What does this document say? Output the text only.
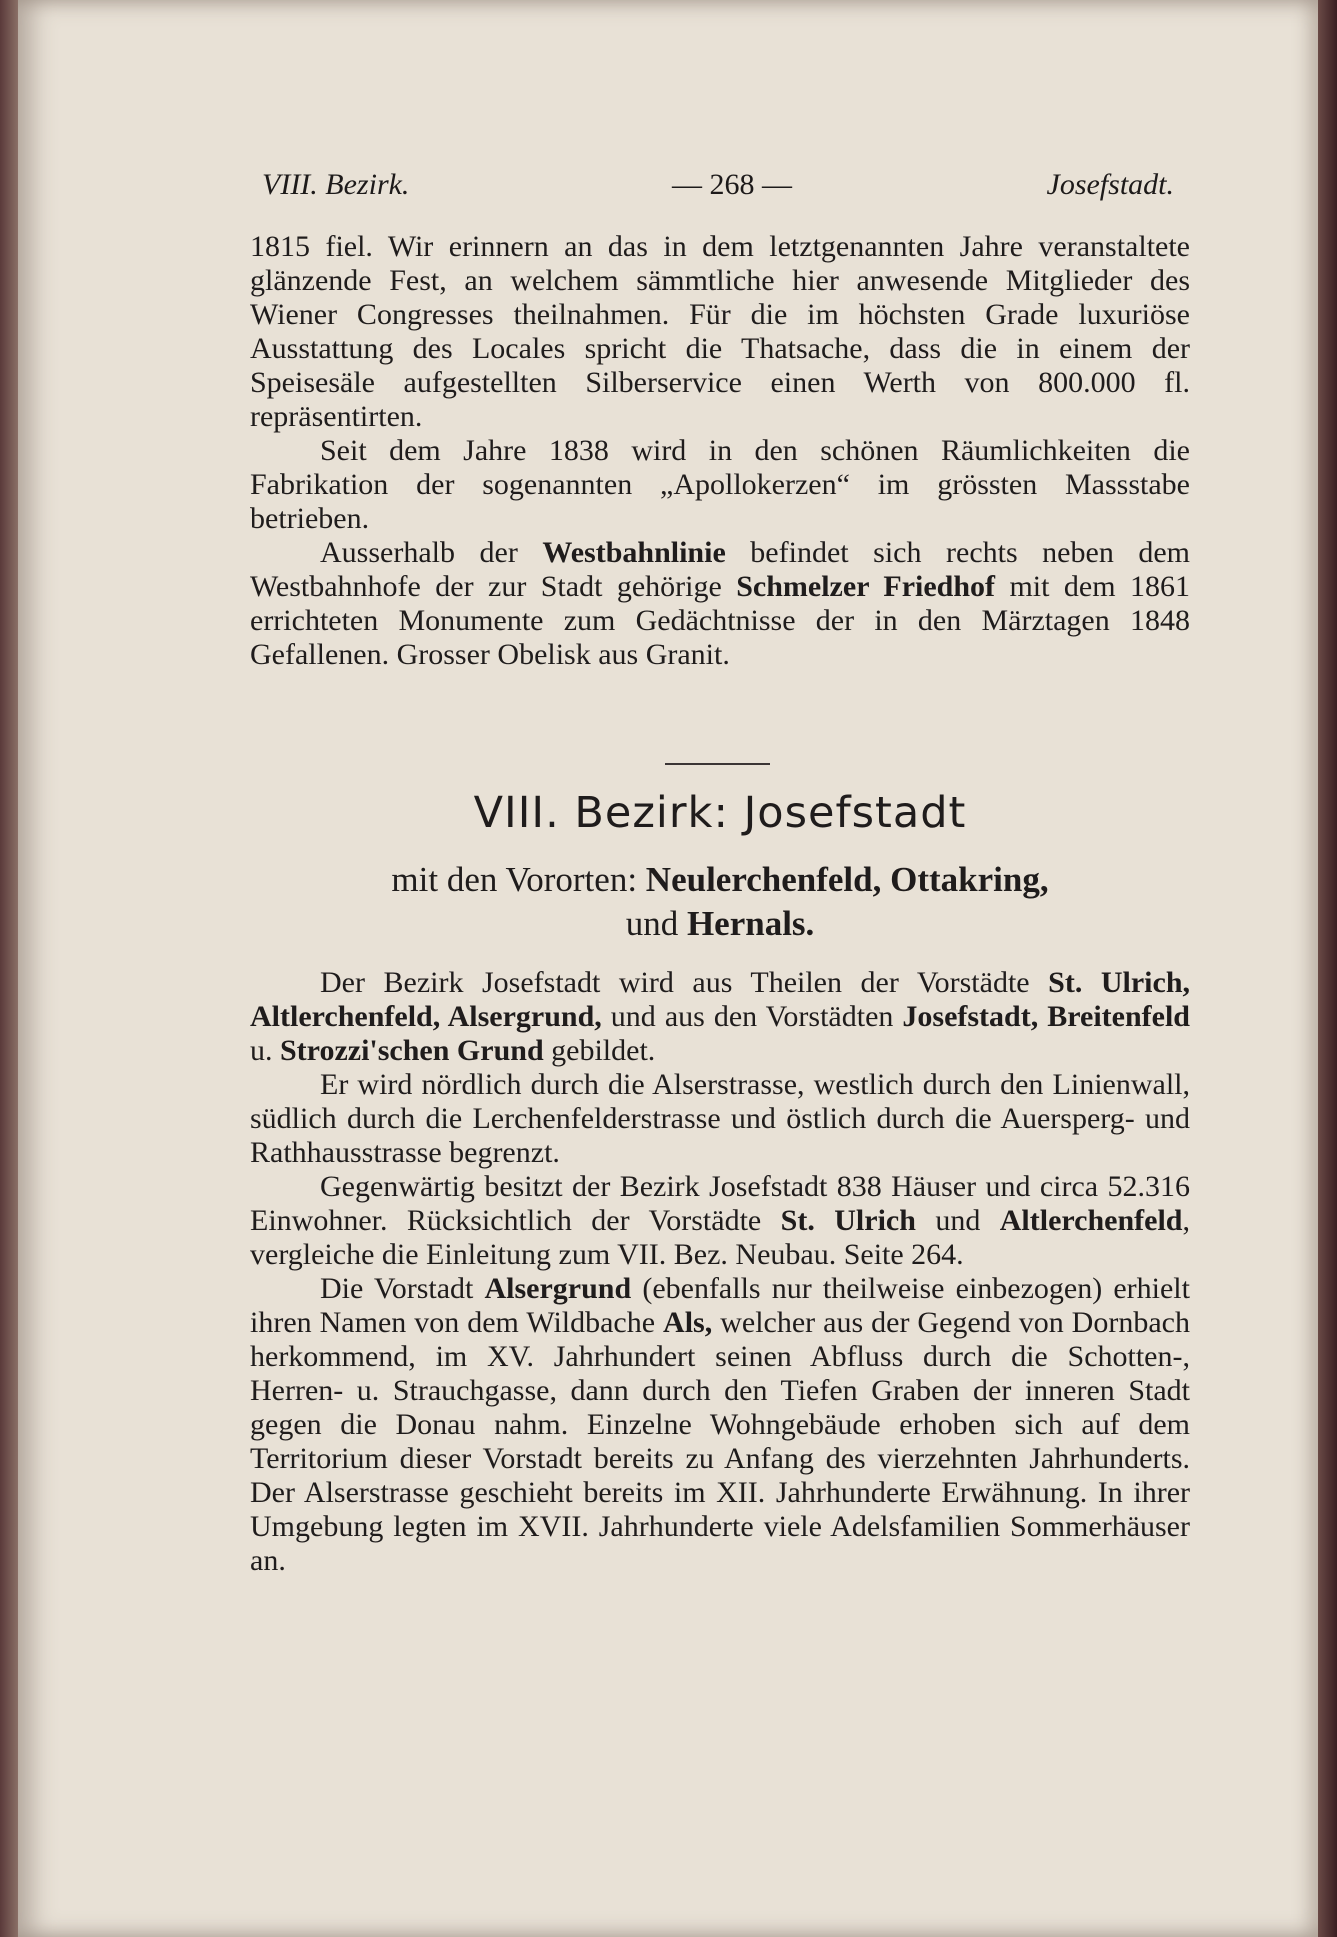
VIII. Bezirk.	— 268 —	Josefstadt.

1815 fiel. Wir erinnern an das in dem letztgenannten Jahre veranstaltete glänzende Fest, an welchem sämmtliche hier anwesende Mitglieder des Wiener Congresses theilnahmen. Für die im höchsten Grade luxuriöse Ausstattung des Locales spricht die Thatsache, dass die in einem der Speisesäle aufgestellten Silberservice einen Werth von 800.000 fl. repräsentirten.

Seit dem Jahre 1838 wird in den schönen Räumlichkeiten die Fabrikation der sogenannten „Apollokerzen“ im grössten Massstabe betrieben.

Ausserhalb der Westbahnlinie befindet sich rechts neben dem Westbahnhofe der zur Stadt gehörige Schmelzer Friedhof mit dem 1861 errichteten Monumente zum Gedächtnisse der in den Märztagen 1848 Gefallenen. Grosser Obelisk aus Granit.

VIII. Bezirk: Josefstadt
mit den Vororten: Neulerchenfeld, Ottakring,
und Hernals.

Der Bezirk Josefstadt wird aus Theilen der Vorstädte St. Ulrich, Altlerchenfeld, Alsergrund, und aus den Vorstädten Josefstadt, Breitenfeld u. Strozzi'schen Grund gebildet.

Er wird nördlich durch die Alserstrasse, westlich durch den Linienwall, südlich durch die Lerchenfelderstrasse und östlich durch die Auersperg- und Rathhausstrasse begrenzt.

Gegenwärtig besitzt der Bezirk Josefstadt 838 Häuser und circa 52.316 Einwohner. Rücksichtlich der Vorstädte St. Ulrich und Altlerchenfeld, vergleiche die Einleitung zum VII. Bez. Neubau. Seite 264.

Die Vorstadt Alsergrund (ebenfalls nur theilweise einbezogen) erhielt ihren Namen von dem Wildbache Als, welcher aus der Gegend von Dornbach herkommend, im XV. Jahrhundert seinen Abfluss durch die Schotten-, Herren- u. Strauchgasse, dann durch den Tiefen Graben der inneren Stadt gegen die Donau nahm. Einzelne Wohngebäude erhoben sich auf dem Territorium dieser Vorstadt bereits zu Anfang des vierzehnten Jahrhunderts. Der Alserstrasse geschieht bereits im XII. Jahrhunderte Erwähnung. In ihrer Umgebung legten im XVII. Jahrhunderte viele Adelsfamilien Sommerhäuser an.
